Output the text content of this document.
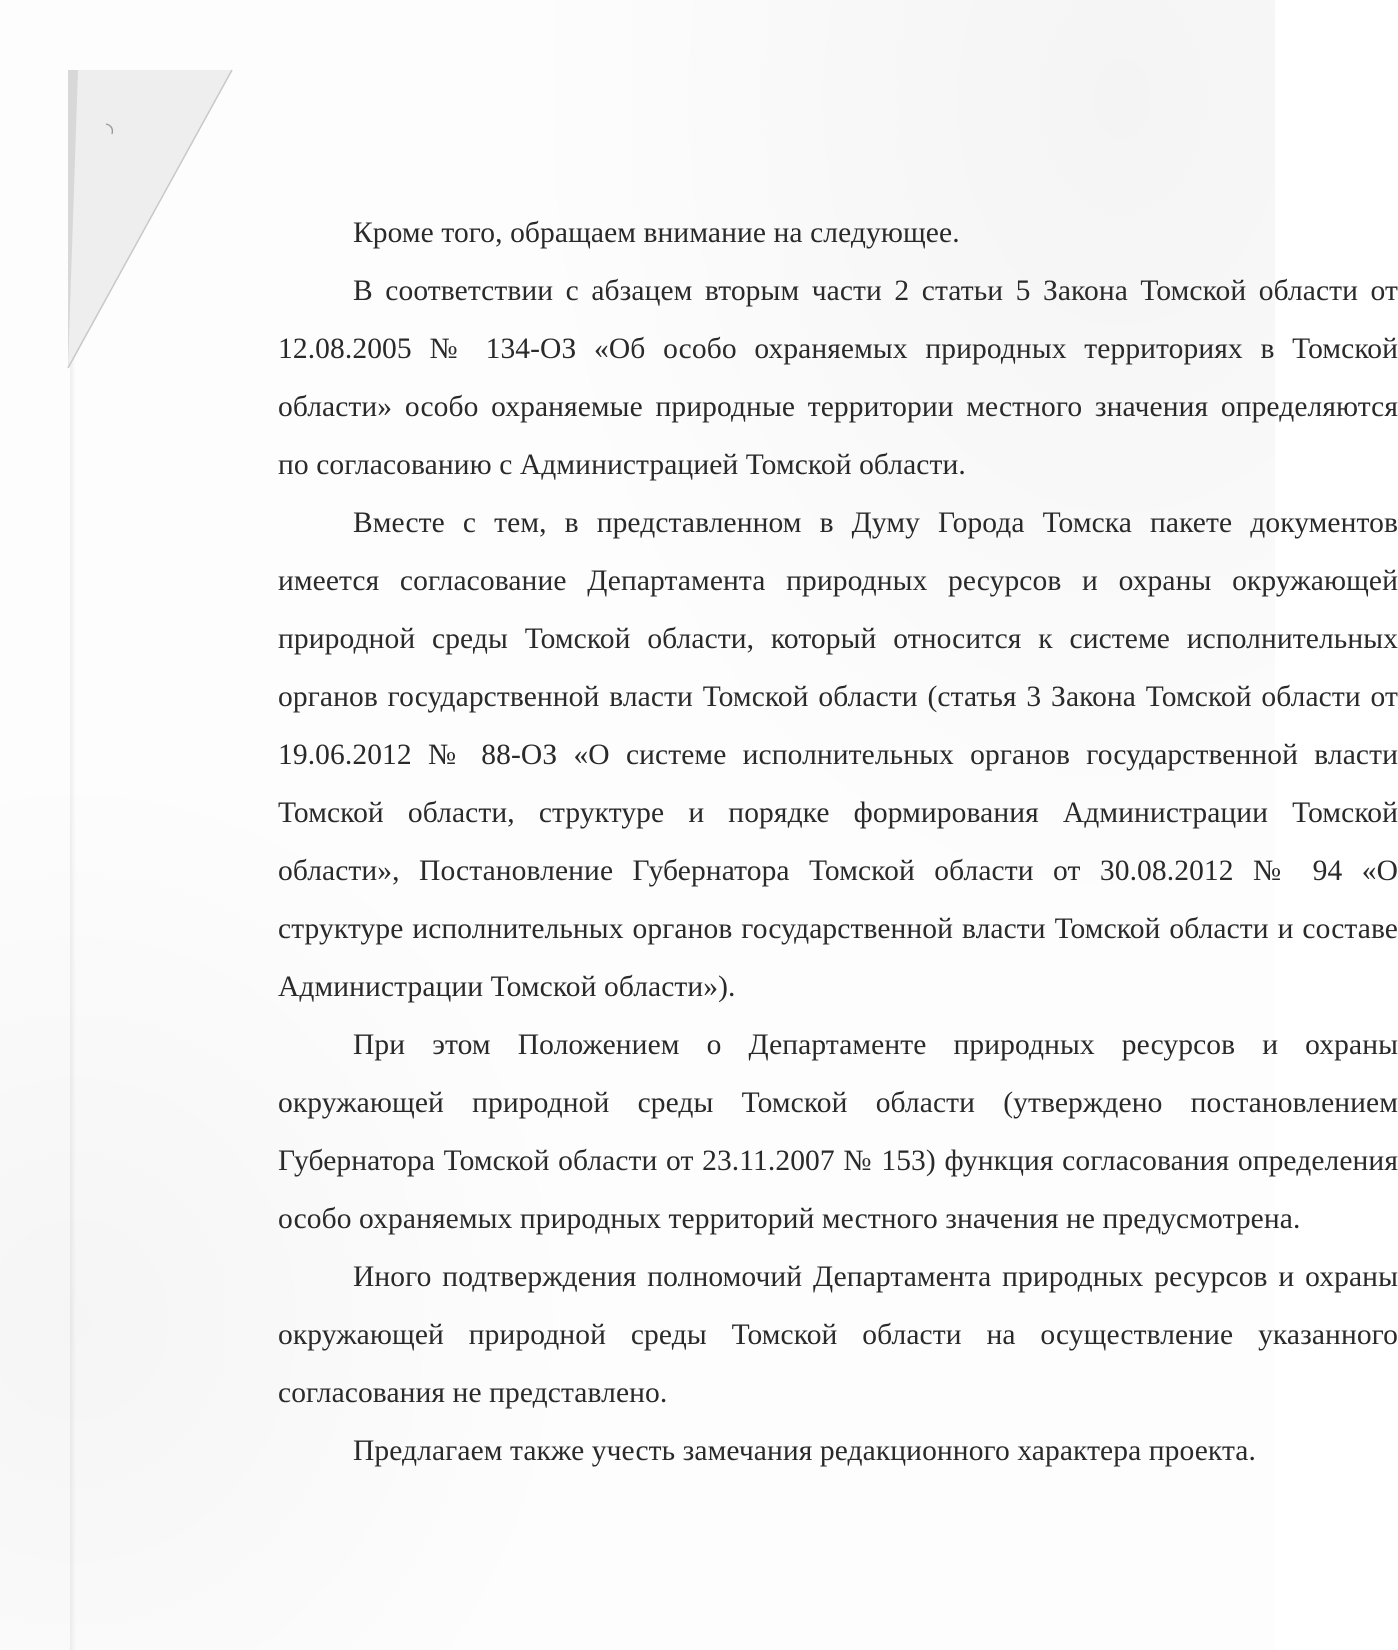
Кроме того, обращаем внимание на следующее.

В соответствии с абзацем вторым части 2 статьи 5 Закона Томской области от 12.08.2005 № 134-ОЗ «Об особо охраняемых природных территориях в Томской области» особо охраняемые природные территории местного значения определяются по согласованию с Администрацией Томской области.

Вместе с тем, в представленном в Думу Города Томска пакете документов имеется согласование Департамента природных ресурсов и охраны окружающей природной среды Томской области, который относится к системе исполнительных органов государственной власти Томской области (статья 3 Закона Томской области от 19.06.2012 № 88-ОЗ «О системе исполнительных органов государственной власти Томской области, структуре и порядке формирования Администрации Томской области», Постановление Губернатора Томской области от 30.08.2012 № 94 «О структуре исполнительных органов государственной власти Томской области и составе Администрации Томской области»).

При этом Положением о Департаменте природных ресурсов и охраны окружающей природной среды Томской области (утверждено постановлением Губернатора Томской области от 23.11.2007 № 153) функция согласования определения особо охраняемых природных территорий местного значения не предусмотрена.

Иного подтверждения полномочий Департамента природных ресурсов и охраны окружающей природной среды Томской области на осуществление указанного согласования не представлено.

Предлагаем также учесть замечания редакционного характера проекта.
